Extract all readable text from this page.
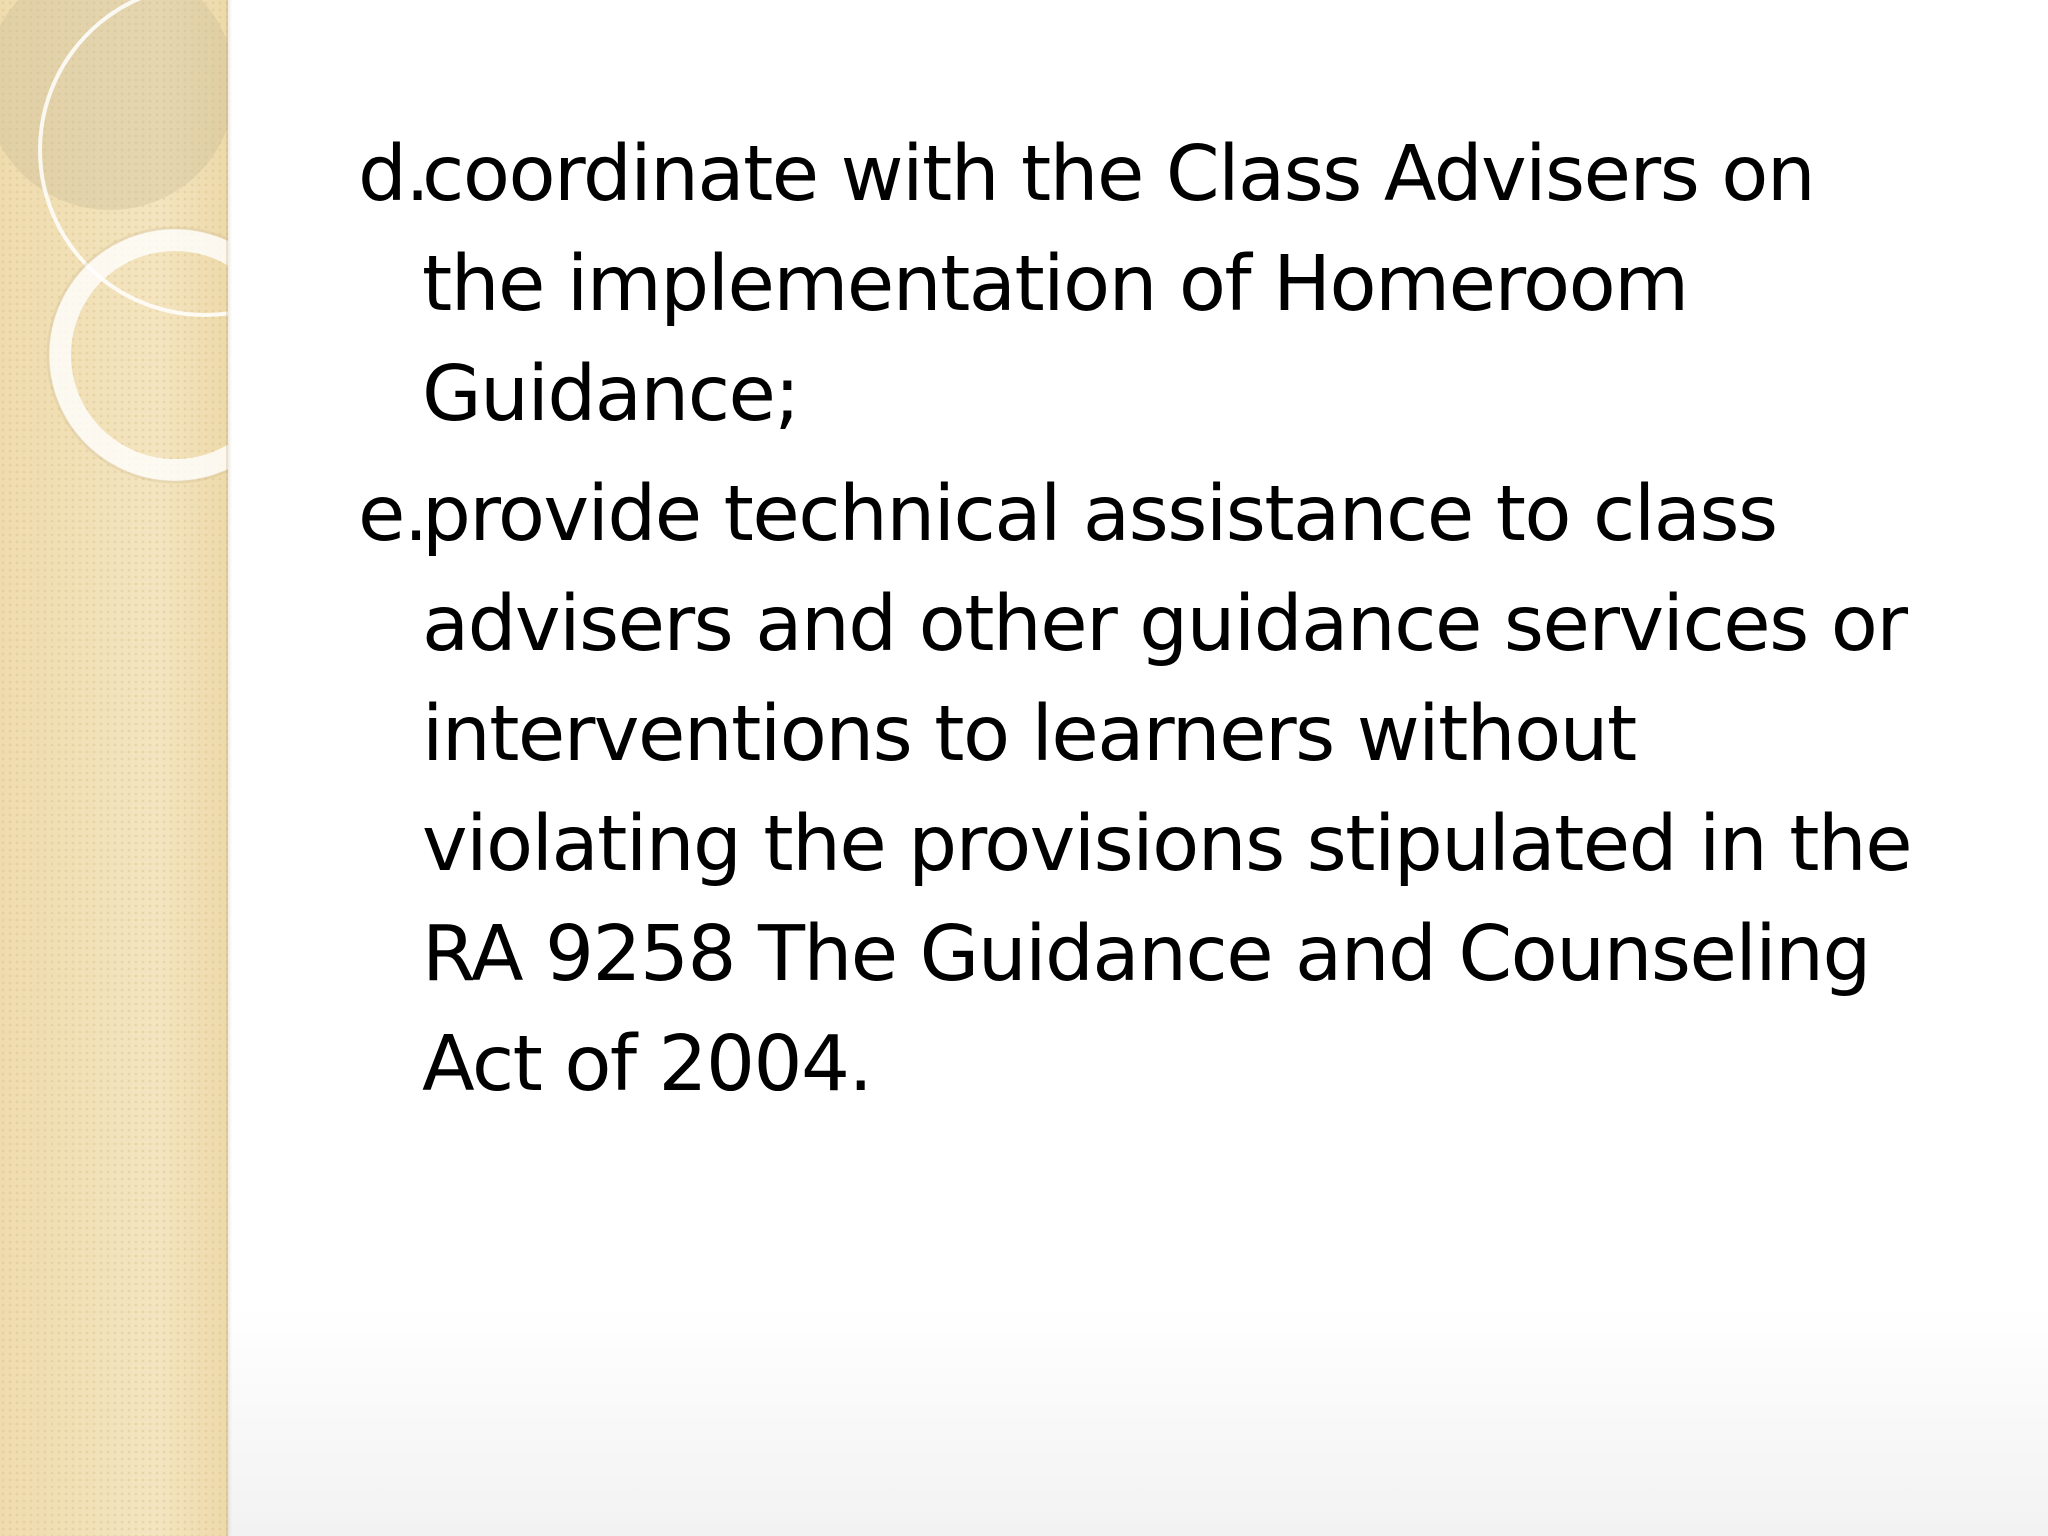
d.
coordinate with the Class Advisers on
the implementation of Homeroom
Guidance;
e.
provide technical assistance to class
advisers and other guidance services or
interventions to learners without
violating the provisions stipulated in the
RA 9258 The Guidance and Counseling
Act of 2004.
